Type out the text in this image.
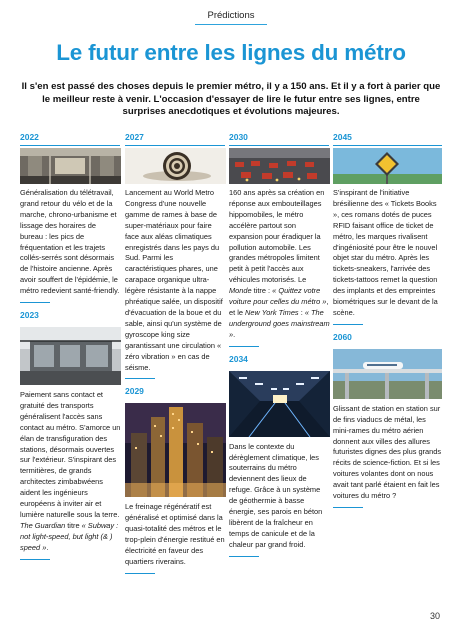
Prédictions
Le futur entre les lignes du métro

Il s'en est passé des choses depuis le premier métro, il y a 150 ans. Et il y a fort à parier que le meilleur reste à venir. L'occasion d'essayer de lire le futur entre ses lignes, entre surprises anecdotiques et évolutions majeures.

2022	2027	2030	2045

Généralisation du télétravail, grand retour du vélo et de la marche, chrono-urbanisme et lissage des horaires de bureau : les pics de fréquentation et les trajets collés-serrés sont désormais de l'histoire ancienne. Après avoir souffert de l'épidémie, le métro redevient santé-friendly.

2023

Paiement sans contact et gratuité des transports généralisent l'accès sans contact au métro. S'amorce un élan de transfiguration des stations, désormais ouvertes sur l'extérieur. S'inspirant des termitières, de grands architectes zimbabwéens aident les ingénieurs européens à inviter air et lumière naturelle sous la terre. The Guardian titre « Subway : not light-speed, but light (& ) speed ».

Lancement au World Metro Congress d'une nouvelle gamme de rames à base de super-matériaux pour faire face aux aléas climatiques enregistrés dans les pays du Sud. Parmi les caractéristiques phares, une carapace organique ultra-légère résistante à la nappe phréatique salée, un dispositif d'évacuation de la boue et du sable, ainsi qu'un système de gyroscope king size garantissant une circulation « zéro vibration » en cas de séisme.

2029

Le freinage régénératif est généralisé et optimisé dans la quasi-totalité des métros et le trop-plein d'énergie restitué en électricité en faveur des quartiers riverains.

160 ans après sa création en réponse aux embouteillages hippomobiles, le métro accélère partout son expansion pour éradiquer la pollution automobile. Les grandes métropoles limitent petit à petit l'accès aux véhicules motorisés. Le Monde titre : « Quittez votre voiture pour celles du métro », et le New York Times : « The underground goes mainstream ».

2034

Dans le contexte du dérèglement climatique, les souterrains du métro deviennent des lieux de refuge. Grâce à un système de géothermie à basse énergie, ses parois en béton libèrent de la fraîcheur en temps de canicule et de la chaleur par grand froid.

S'inspirant de l'initiative brésilienne des « Tickets Books », ces romans dotés de puces RFID faisant office de ticket de métro, les marques rivalisent d'ingéniosité pour être le nouvel objet star du métro. Après les tickets-sneakers, l'arrivée des tickets-tattoos remet la question des implants et des empreintes biométriques sur le devant de la scène.

2060

Glissant de station en station sur de fins viaducs de métal, les mini-rames du métro aérien donnent aux villes des allures futuristes dignes des plus grands récits de science-fiction. Et si les voitures volantes dont on nous avait tant parlé étaient en fait les voitures du métro ?

30
